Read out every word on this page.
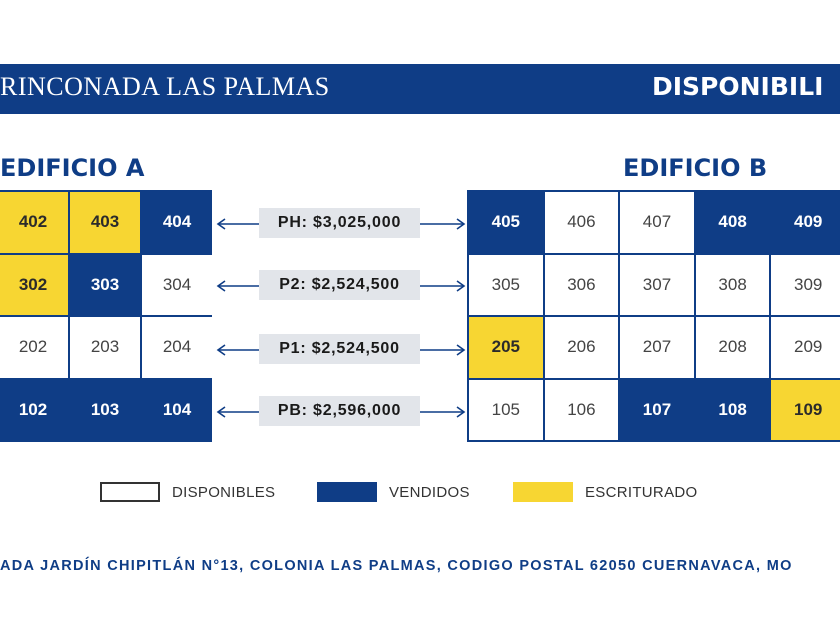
RINCONADA LAS PALMAS	DISPONIBILI
EDIFICIO A	EDIFICIO B
402	403	404
302	303	304
202	203	204
102	103	104
405	406	407	408	409
305	306	307	308	309
205	206	207	208	209
105	106	107	108	109
PH: $3,025,000
P2: $2,524,500
P1: $2,524,500
PB: $2,596,000
DISPONIBLES	VENDIDOS	ESCRITURADO
ADA JARDÍN CHIPITLÁN N°13, COLONIA LAS PALMAS, CODIGO POSTAL 62050 CUERNAVACA, MO
